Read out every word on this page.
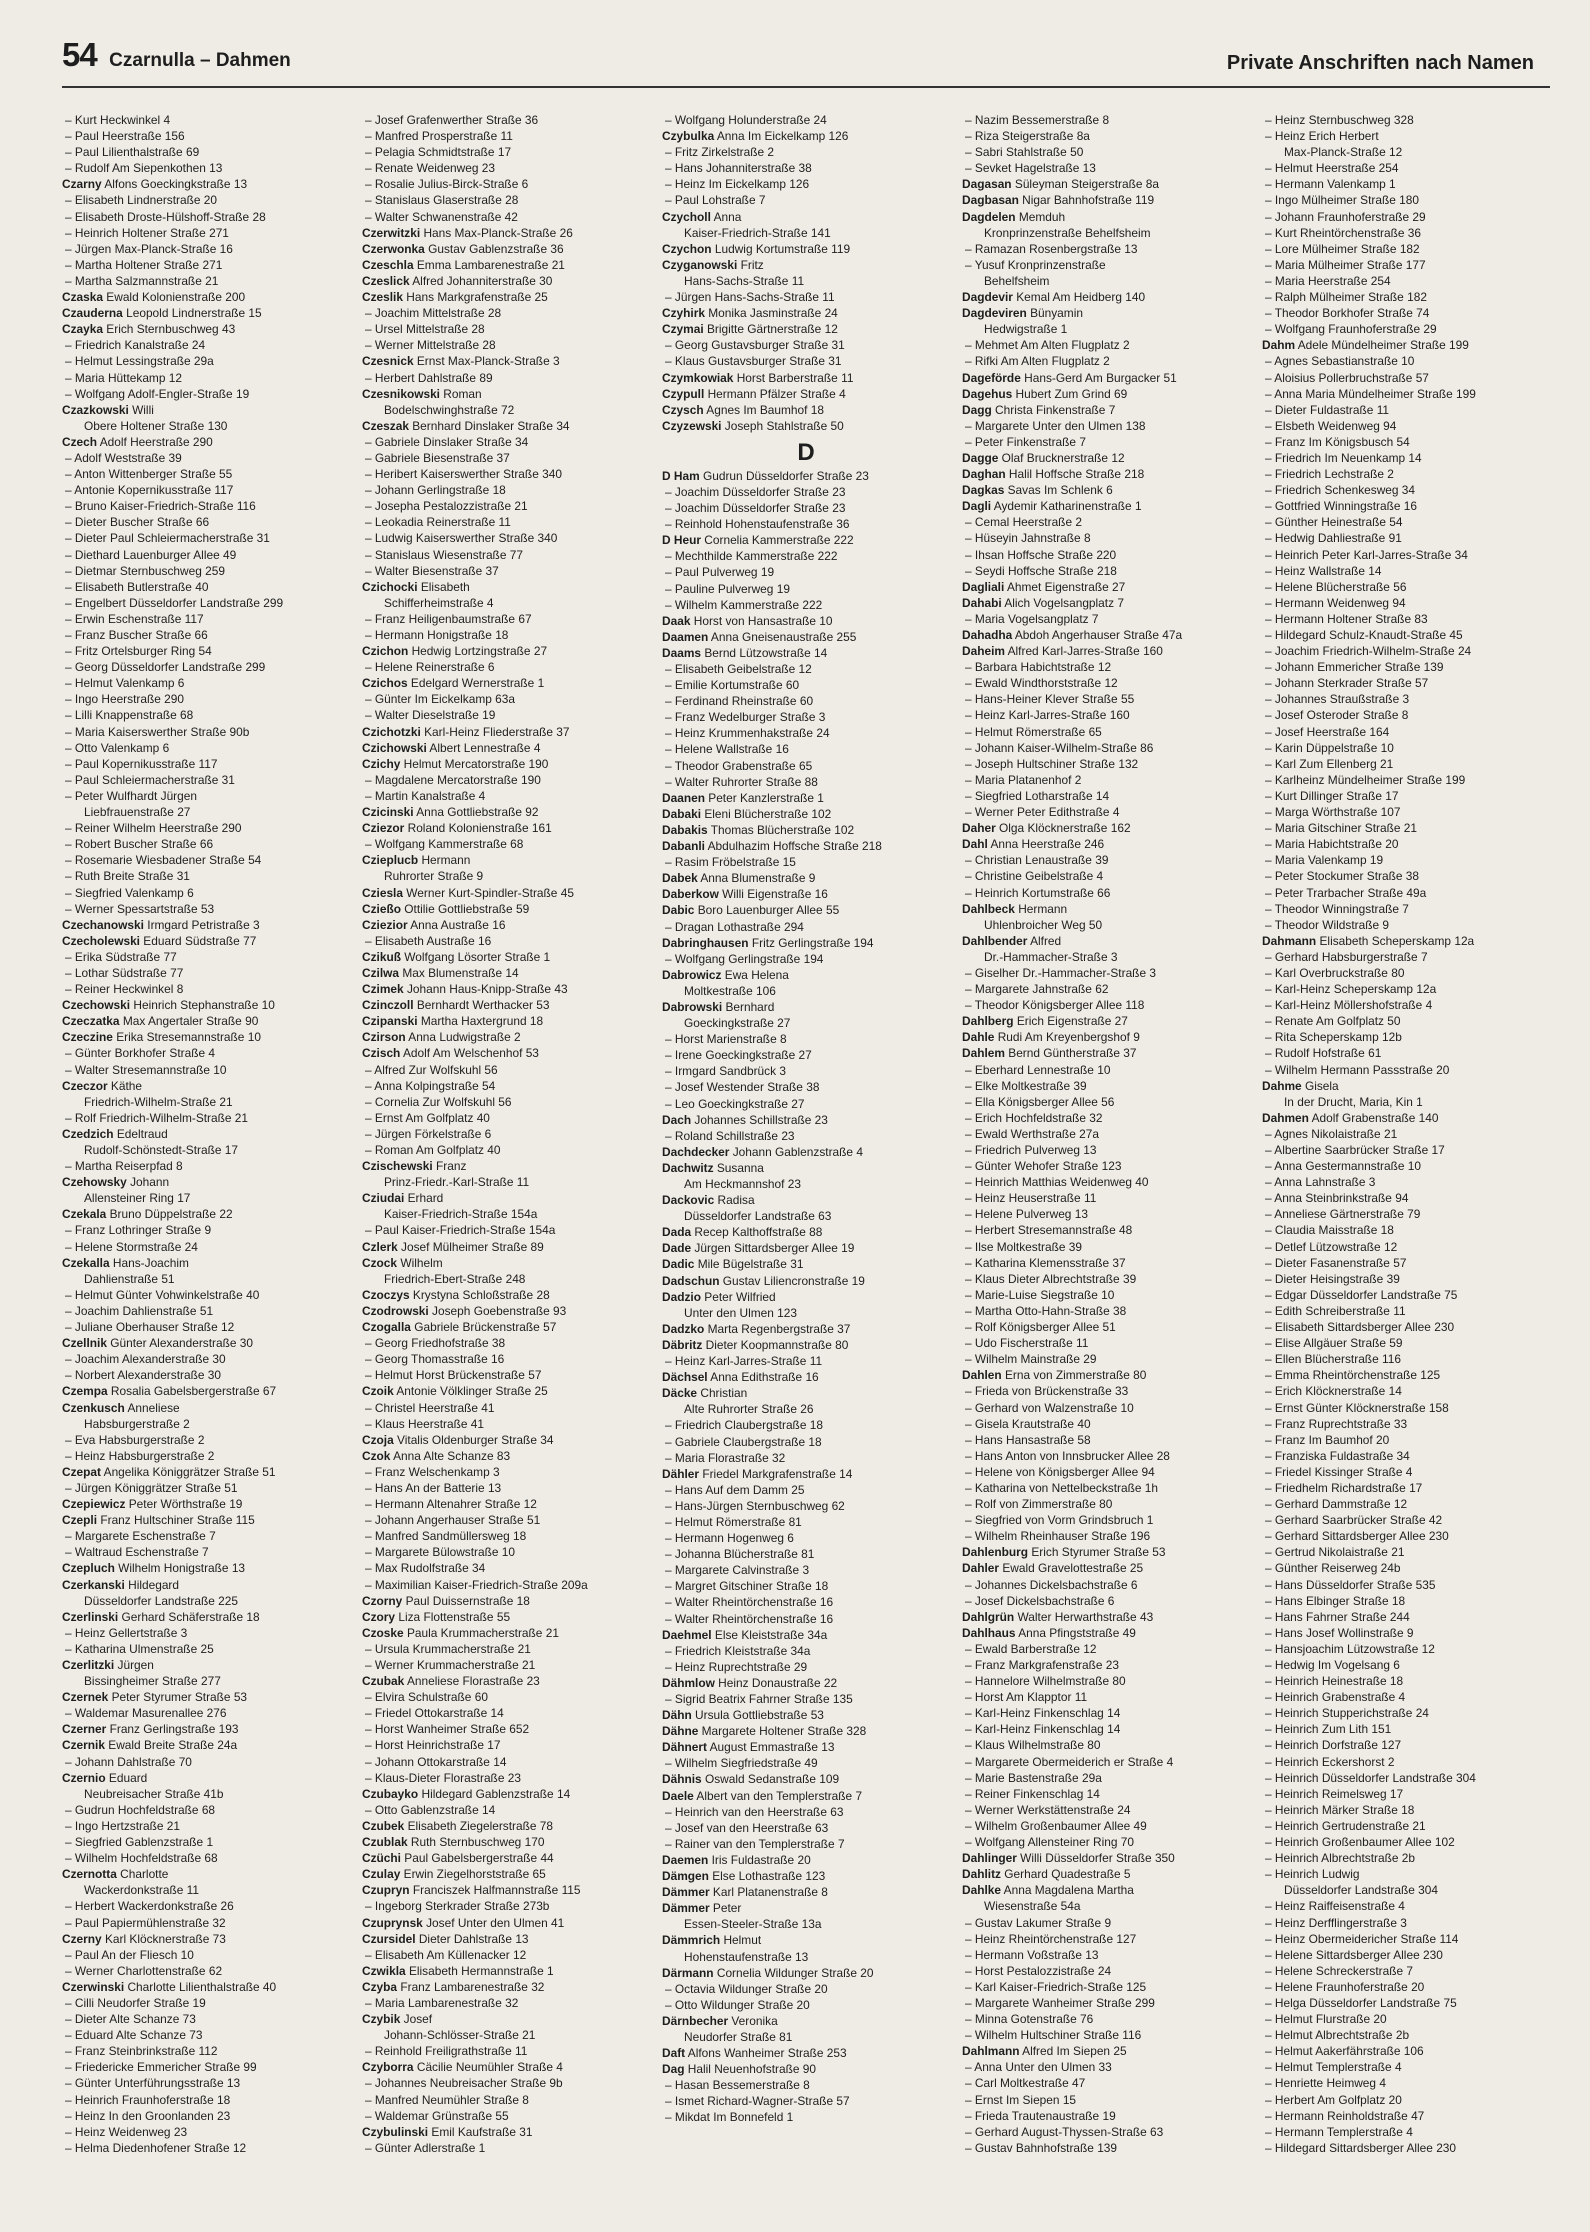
54 Czarnulla – Dahmen	Private Anschriften nach Namen
– Kurt Heckwinkel 4
– Paul Heerstraße 156
– Paul Lilienthalstraße 69
– Rudolf Am Siepenkothen 13
Czarny Alfons Goeckingkstraße 13
– Elisabeth Lindnerstraße 20
– Elisabeth Droste-Hülshoff-Straße 28
– Heinrich Holtener Straße 271
– Jürgen Max-Planck-Straße 16
– Martha Holtener Straße 271
– Martha Salzmannstraße 21
Czaska Ewald Kolonienstraße 200
Czauderna Leopold Lindnerstraße 15
Czayka Erich Sternbuschweg 43
– Friedrich Kanalstraße 24
– Helmut Lessingstraße 29a
– Maria Hüttekamp 12
– Wolfgang Adolf-Engler-Straße 19
Czazkowski Willi
Obere Holtener Straße 130
Czech Adolf Heerstraße 290
– Adolf Weststraße 39
– Anton Wittenberger Straße 55
– Antonie Kopernikusstraße 117
– Bruno Kaiser-Friedrich-Straße 116
– Dieter Buscher Straße 66
– Dieter Paul Schleiermacherstraße 31
– Diethard Lauenburger Allee 49
– Dietmar Sternbuschweg 259
– Elisabeth Butlerstraße 40
– Engelbert Düsseldorfer Landstraße 299
– Erwin Eschenstraße 117
– Franz Buscher Straße 66
– Fritz Ortelsburger Ring 54
– Georg Düsseldorfer Landstraße 299
– Helmut Valenkamp 6
– Ingo Heerstraße 290
– Lilli Knappenstraße 68
– Maria Kaiserswerther Straße 90b
– Otto Valenkamp 6
– Paul Kopernikusstraße 117
– Paul Schleiermacherstraße 31
– Peter Wulfhardt Jürgen
Liebfrauenstraße 27
– Reiner Wilhelm Heerstraße 290
– Robert Buscher Straße 66
– Rosemarie Wiesbadener Straße 54
– Ruth Breite Straße 31
– Siegfried Valenkamp 6
– Werner Spessartstraße 53
Czechanowski Irmgard Petristraße 3
Czecholewski Eduard Südstraße 77
– Erika Südstraße 77
– Lothar Südstraße 77
– Reiner Heckwinkel 8
Czechowski Heinrich Stephanstraße 10
Czeczatka Max Angertaler Straße 90
Czeczine Erika Stresemannstraße 10
– Günter Borkhofer Straße 4
– Walter Stresemannstraße 10
Czeczor Käthe
Friedrich-Wilhelm-Straße 21
– Rolf Friedrich-Wilhelm-Straße 21
Czedzich Edeltraud
Rudolf-Schönstedt-Straße 17
– Martha Reiserpfad 8
Czehowsky Johann
Allensteiner Ring 17
Czekala Bruno Düppelstraße 22
– Franz Lothringer Straße 9
– Helene Stormstraße 24
Czekalla Hans-Joachim
Dahlienstraße 51
– Helmut Günter Vohwinkelstraße 40
– Joachim Dahlienstraße 51
– Juliane Oberhauser Straße 12
Czellnik Günter Alexanderstraße 30
– Joachim Alexanderstraße 30
– Norbert Alexanderstraße 30
Czempa Rosalia Gabelsbergerstraße 67
Czenkusch Anneliese
Habsburgerstraße 2
– Eva Habsburgerstraße 2
– Heinz Habsburgerstraße 2
Czepat Angelika Königgrätzer Straße 51
– Jürgen Königgrätzer Straße 51
Czepiewicz Peter Wörthstraße 19
Czepli Franz Hultschiner Straße 115
– Margarete Eschenstraße 7
– Waltraud Eschenstraße 7
Czepluch Wilhelm Honigstraße 13
Czerkanski Hildegard
Düsseldorfer Landstraße 225
Czerlinski Gerhard Schäferstraße 18
– Heinz Gellertstraße 3
– Katharina Ulmenstraße 25
Czerlitzki Jürgen
Bissingheimer Straße 277
Czernek Peter Styrumer Straße 53
– Waldemar Masurenallee 276
Czerner Franz Gerlingstraße 193
Czernik Ewald Breite Straße 24a
– Johann Dahlstraße 70
Czernio Eduard
Neubreisacher Straße 41b
– Gudrun Hochfeldstraße 68
– Ingo Hertzstraße 21
– Siegfried Gablenzstraße 1
– Wilhelm Hochfeldstraße 68
Czernotta Charlotte
Wackerdonkstraße 11
– Herbert Wackerdonkstraße 26
– Paul Papiermühlenstraße 32
Czerny Karl Klöcknerstraße 73
– Paul An der Fliesch 10
– Werner Charlottenstraße 62
Czerwinski Charlotte Lilienthalstraße 40
– Cilli Neudorfer Straße 19
– Dieter Alte Schanze 73
– Eduard Alte Schanze 73
– Franz Steinbrinkstraße 112
– Friedericke Emmericher Straße 99
– Günter Unterführungsstraße 13
– Heinrich Fraunhoferstraße 18
– Heinz In den Groonlanden 23
– Heinz Weidenweg 23
– Helma Diedenhofener Straße 12
– Josef Grafenwerther Straße 36
– Manfred Prosperstraße 11
– Pelagia Schmidtstraße 17
– Renate Weidenweg 23
– Rosalie Julius-Birck-Straße 6
– Stanislaus Glaserstraße 28
– Walter Schwanenstraße 42
Czerwitzki Hans Max-Planck-Straße 26
Czerwonka Gustav Gablenzstraße 36
Czeschla Emma Lambarenestraße 21
Czeslick Alfred Johanniterstraße 30
Czeslik Hans Markgrafenstraße 25
– Joachim Mittelstraße 28
– Ursel Mittelstraße 28
– Werner Mittelstraße 28
Czesnick Ernst Max-Planck-Straße 3
– Herbert Dahlstraße 89
Czesnikowski Roman
Bodelschwinghstraße 72
Czeszak Bernhard Dinslaker Straße 34
– Gabriele Dinslaker Straße 34
– Gabriele Biesenstraße 37
– Heribert Kaiserswerther Straße 340
– Johann Gerlingstraße 18
– Josepha Pestalozzistraße 21
– Leokadia Reinerstraße 11
– Ludwig Kaiserswerther Straße 340
– Stanislaus Wiesenstraße 77
– Walter Biesenstraße 37
Czichocki Elisabeth
Schifferheimstraße 4
– Franz Heiligenbaumstraße 67
– Hermann Honigstraße 18
Czichon Hedwig Lortzingstraße 27
– Helene Reinerstraße 6
Czichos Edelgard Wernerstraße 1
– Günter Im Eickelkamp 63a
– Walter Dieselstraße 19
Czichotzki Karl-Heinz Fliederstraße 37
Czichowski Albert Lennestraße 4
Czichy Helmut Mercatorstraße 190
– Magdalene Mercatorstraße 190
– Martin Kanalstraße 4
Czicinski Anna Gottliebstraße 92
Cziezor Roland Kolonienstraße 161
– Wolfgang Kammerstraße 68
Czieplucb Hermann
Ruhrorter Straße 9
Czieslа Werner Kurt-Spindler-Straße 45
Czießo Ottilie Gottliebstraße 59
Cziezior Anna Austraße 16
– Elisabeth Austraße 16
Czikuß Wolfgang Lösorter Straße 1
Czilwa Max Blumenstraße 14
Czimek Johann Haus-Knipp-Straße 43
Czinczoll Bernhardt Werthacker 53
Czipanski Martha Haxtergrund 18
Czirson Anna Ludwigstraße 2
Czisch Adolf Am Welschenhof 53
– Alfred Zur Wolfskuhl 56
– Anna Kolpingstraße 54
– Cornelia Zur Wolfskuhl 56
– Ernst Am Golfplatz 40
– Jürgen Förkelstraße 6
– Roman Am Golfplatz 40
Czischewski Franz
Prinz-Friedr.-Karl-Straße 11
Cziudai Erhard
Kaiser-Friedrich-Straße 154a
– Paul Kaiser-Friedrich-Straße 154a
Czlerk Josef Mülheimer Straße 89
Czock Wilhelm
Friedrich-Ebert-Straße 248
Czoczys Krystyna Schloßstraße 28
Czodrowski Joseph Goebenstraße 93
Czogalla Gabriele Brückenstraße 57
– Georg Friedhofstraße 38
– Georg Thomasstraße 16
– Helmut Horst Brückenstraße 57
Czoik Antonie Völklinger Straße 25
– Christel Heerstraße 41
– Klaus Heerstraße 41
Czoja Vitalis Oldenburger Straße 34
Czok Anna Alte Schanze 83
– Franz Welschenkamp 3
– Hans An der Batterie 13
– Hermann Altenahrer Straße 12
– Johann Angerhauser Straße 51
– Manfred Sandmüllersweg 18
– Margarete Bülowstraße 10
– Max Rudolfstraße 34
– Maximilian Kaiser-Friedrich-Straße 209a
Czorny Paul Duissernstraße 18
Czory Liza Flottenstraße 55
Czoske Paula Krummacherstraße 21
– Ursula Krummacherstraße 21
– Werner Krummacherstraße 21
Czubak Anneliese Florastraße 23
– Elvira Schulstraße 60
– Friedel Ottokarstraße 14
– Horst Wanheimer Straße 652
– Horst Heinrichstraße 17
– Johann Ottokarstraße 14
– Klaus-Dieter Florastraße 23
Czubayko Hildegard Gablenzstraße 14
– Otto Gablenzstraße 14
Czubek Elisabeth Ziegelerstraße 78
Czublak Ruth Sternbuschweg 170
Czüchi Paul Gabelsbergerstraße 44
Czulay Erwin Ziegelhorststraße 65
Czupryn Franciszek Halfmannstraße 115
– Ingeborg Sterkrader Straße 273b
Czuprynsk Josef Unter den Ulmen 41
Czursidel Dieter Dahlstraße 13
– Elisabeth Am Küllenacker 12
Czwikla Elisabeth Hermannstraße 1
Czyba Franz Lambarenestraße 32
– Maria Lambarenestraße 32
Czybik Josef
Johann-Schlösser-Straße 21
– Reinhold Freiligrathstraße 11
Czyborra Cäcilie Neumühler Straße 4
– Johannes Neubreisacher Straße 9b
– Manfred Neumühler Straße 8
– Waldemar Grünstraße 55
Czybulinski Emil Kaufstraße 31
– Günter Adlerstraße 1
– Wolfgang Holunderstraße 24
Czybulka Anna Im Eickelkamp 126
– Fritz Zirkelstraße 2
– Hans Johanniterstraße 38
– Heinz Im Eickelkamp 126
– Paul Lohstraße 7
Czycholl Anna
Kaiser-Friedrich-Straße 141
Czychon Ludwig Kortumstraße 119
Czyganowski Fritz
Hans-Sachs-Straße 11
– Jürgen Hans-Sachs-Straße 11
Czyhirk Monika Jasminstraße 24
Czymai Brigitte Gärtnerstraße 12
– Georg Gustavsburger Straße 31
– Klaus Gustavsburger Straße 31
Czymkowiak Horst Barberstraße 11
Czypull Hermann Pfälzer Straße 4
Czysch Agnes Im Baumhof 18
Czyzewski Joseph Stahlstraße 50
D
D Ham Gudrun Düsseldorfer Straße 23
– Joachim Düsseldorfer Straße 23
– Joachim Düsseldorfer Straße 23
– Reinhold Hohenstaufenstraße 36
D Heur Cornelia Kammerstraße 222
– Mechthilde Kammerstraße 222
– Paul Pulverweg 19
– Pauline Pulverweg 19
– Wilhelm Kammerstraße 222
Daak Horst von Hansastraße 10
Daamen Anna Gneisenaustraße 255
Daams Bernd Lützowstraße 14
– Elisabeth Geibelstraße 12
– Emilie Kortumstraße 60
– Ferdinand Rheinstraße 60
– Franz Wedelburger Straße 3
– Heinz Krummenhakstraße 24
– Helene Wallstraße 16
– Theodor Grabenstraße 65
– Walter Ruhrorter Straße 88
Daanen Peter Kanzlerstraße 1
Dabaki Eleni Blücherstraße 102
Dabakis Thomas Blücherstraße 102
Dabanli Abdulhazim Hoffsche Straße 218
– Rasim Fröbelstraße 15
Dabek Anna Blumenstraße 9
Daberkow Willi Eigenstraße 16
Dabic Boro Lauenburger Allee 55
– Dragan Lothastraße 294
Dabringhausen Fritz Gerlingstraße 194
– Wolfgang Gerlingstraße 194
Dabrowicz Ewa Helena
Moltkestraße 106
Dabrowski Bernhard
Goeckingkstraße 27
– Horst Marienstraße 8
– Irene Goeckingkstraße 27
– Irmgard Sandbrück 3
– Josef Westender Straße 38
– Leo Goeckingkstraße 27
Dach Johannes Schillstraße 23
– Roland Schillstraße 23
Dachdecker Johann Gablenzstraße 4
Dachwitz Susanna
Am Heckmannshof 23
Dackovic Radisa
Düsseldorfer Landstraße 63
Dada Recep Kalthoffstraße 88
Dade Jürgen Sittardsberger Allee 19
Dadic Mile Bügelstraße 31
Dadschun Gustav Liliencronstraße 19
Dadzio Peter Wilfried
Unter den Ulmen 123
Dadzko Marta Regenbergstraße 37
Däbritz Dieter Koopmannstraße 80
– Heinz Karl-Jarres-Straße 11
Dächsel Anna Edithstraße 16
Däcke Christian
Alte Ruhrorter Straße 26
– Friedrich Claubergstraße 18
– Gabriele Claubergstraße 18
– Maria Florastraße 32
Dähler Friedel Markgrafenstraße 14
– Hans Auf dem Damm 25
– Hans-Jürgen Sternbuschweg 62
– Helmut Römerstraße 81
– Hermann Hogenweg 6
– Johanna Blücherstraße 81
– Margarete Calvinstraße 3
– Margret Gitschiner Straße 18
– Walter Rheintörchenstraße 16
– Walter Rheintörchenstraße 16
Daehmel Else Kleiststraße 34a
– Friedrich Kleiststraße 34a
– Heinz Ruprechtstraße 29
Dähmlow Heinz Donaustraße 22
– Sigrid Beatrix Fahrner Straße 135
Dähn Ursula Gottliebstraße 53
Dähne Margarete Holtener Straße 328
Dähnert August Emmastraße 13
– Wilhelm Siegfriedstraße 49
Dähnis Oswald Sedanstraße 109
Daele Albert van den Templerstraße 7
– Heinrich van den Heerstraße 63
– Josef van den Heerstraße 63
– Rainer van den Templerstraße 7
Daemen Iris Fuldastraße 20
Dämgen Else Lothastraße 123
Dämmer Karl Platanenstraße 8
Dämmer Peter
Essen-Steeler-Straße 13a
Dämmrich Helmut
Hohenstaufenstraße 13
Därmann Cornelia Wildunger Straße 20
– Octavia Wildunger Straße 20
– Otto Wildunger Straße 20
Därnbecher Veronika
Neudorfer Straße 81
Daft Alfons Wanheimer Straße 253
Dag Halil Neuenhofstraße 90
– Hasan Bessemerstraße 8
– Ismet Richard-Wagner-Straße 57
– Mikdat Im Bonnefeld 1
– Nazim Bessemerstraße 8
– Riza Steigerstraße 8a
– Sabri Stahlstraße 50
– Sevket Hagelstraße 13
Dagasan Süleyman Steigerstraße 8a
Dagbasan Nigar Bahnhofstraße 119
Dagdelen Memduh
Kronprinzenstraße Behelfsheim
– Ramazan Rosenbergstraße 13
– Yusuf Kronprinzenstraße
Behelfsheim
Dagdevir Kemal Am Heidberg 140
Dagdeviren Bünyamin
Hedwigstraße 1
– Mehmet Am Alten Flugplatz 2
– Rifki Am Alten Flugplatz 2
Dageförde Hans-Gerd Am Burgacker 51
Dagehus Hubert Zum Grind 69
Dagg Christa Finkenstraße 7
– Margarete Unter den Ulmen 138
– Peter Finkenstraße 7
Dagge Olaf Brucknerstraße 12
Daghan Halil Hoffsche Straße 218
Dagkas Savas Im Schlenk 6
Dagli Aydemir Katharinenstraße 1
– Cemal Heerstraße 2
– Hüseyin Jahnstraße 8
– Ihsan Hoffsche Straße 220
– Seydi Hoffsche Straße 218
Dagliali Ahmet Eigenstraße 27
Dahabi Alich Vogelsangplatz 7
– Maria Vogelsangplatz 7
Dahadha Abdoh Angerhauser Straße 47a
Daheim Alfred Karl-Jarres-Straße 160
– Barbara Habichtstraße 12
– Ewald Windthorststraße 12
– Hans-Heiner Klever Straße 55
– Heinz Karl-Jarres-Straße 160
– Helmut Römerstraße 65
– Johann Kaiser-Wilhelm-Straße 86
– Joseph Hultschiner Straße 132
– Maria Platanenhof 2
– Siegfried Lotharstraße 14
– Werner Peter Edithstraße 4
Daher Olga Klöcknerstraße 162
Dahl Anna Heerstraße 246
– Christian Lenaustraße 39
– Christine Geibelstraße 4
– Heinrich Kortumstraße 66
Dahlbeck Hermann
Uhlenbroicher Weg 50
Dahlbender Alfred
Dr.-Hammacher-Straße 3
– Giselher Dr.-Hammacher-Straße 3
– Margarete Jahnstraße 62
– Theodor Königsberger Allee 118
Dahlberg Erich Eigenstraße 27
Dahle Rudi Am Kreyenbergshof 9
Dahlem Bernd Güntherstraße 37
– Eberhard Lennestraße 10
– Elke Moltkestraße 39
– Ella Königsberger Allee 56
– Erich Hochfeldstraße 32
– Ewald Werthstraße 27a
– Friedrich Pulverweg 13
– Günter Wehofer Straße 123
– Heinrich Matthias Weidenweg 40
– Heinz Heuserstraße 11
– Helene Pulverweg 13
– Herbert Stresemannstraße 48
– Ilse Moltkestraße 39
– Katharina Klemensstraße 37
– Klaus Dieter Albrechtstraße 39
– Marie-Luise Siegstraße 10
– Martha Otto-Hahn-Straße 38
– Rolf Königsberger Allee 51
– Udo Fischerstraße 11
– Wilhelm Mainstraße 29
Dahlen Erna von Zimmerstraße 80
– Frieda von Brückenstraße 33
– Gerhard von Walzenstraße 10
– Gisela Krautstraße 40
– Hans Hansastraße 58
– Hans Anton von Innsbrucker Allee 28
– Helene von Königsberger Allee 94
– Katharina von Nettelbeckstraße 1h
– Rolf von Zimmerstraße 80
– Siegfried von Vorm Grindsbruch 1
– Wilhelm Rheinhauser Straße 196
Dahlenburg Erich Styrumer Straße 53
Dahler Ewald Gravelottestraße 25
– Johannes Dickelsbachstraße 6
– Josef Dickelsbachstraße 6
Dahlgrün Walter Herwarthstraße 43
Dahlhaus Anna Pfingststraße 49
– Ewald Barberstraße 12
– Franz Markgrafenstraße 23
– Hannelore Wilhelmstraße 80
– Horst Am Klapptor 11
– Karl-Heinz Finkenschlag 14
– Karl-Heinz Finkenschlag 14
– Klaus Wilhelmstraße 80
– Margarete Obermeiderich er Straße 4
– Marie Bastenstraße 29a
– Reiner Finkenschlag 14
– Werner Werkstättenstraße 24
– Wilhelm Großenbaumer Allee 49
– Wolfgang Allensteiner Ring 70
Dahlinger Willi Düsseldorfer Straße 350
Dahlitz Gerhard Quadestraße 5
Dahlke Anna Magdalena Martha
Wiesenstraße 54a
– Gustav Lakumer Straße 9
– Heinz Rheintörchenstraße 127
– Hermann Voßstraße 13
– Horst Pestalozzistraße 24
– Karl Kaiser-Friedrich-Straße 125
– Margarete Wanheimer Straße 299
– Minna Gotenstraße 76
– Wilhelm Hultschiner Straße 116
Dahlmann Alfred Im Siepen 25
– Anna Unter den Ulmen 33
– Carl Moltkestraße 47
– Ernst Im Siepen 15
– Frieda Trautenaustraße 19
– Gerhard August-Thyssen-Straße 63
– Gustav Bahnhofstraße 139
– Heinz Sternbuschweg 328
– Heinz Erich Herbert
Max-Planck-Straße 12
– Helmut Heerstraße 254
– Hermann Valenkamp 1
– Ingo Mülheimer Straße 180
– Johann Fraunhoferstraße 29
– Kurt Rheintörchenstraße 36
– Lore Mülheimer Straße 182
– Maria Mülheimer Straße 177
– Maria Heerstraße 254
– Ralph Mülheimer Straße 182
– Theodor Borkhofer Straße 74
– Wolfgang Fraunhoferstraße 29
Dahm Adele Mündelheimer Straße 199
– Agnes Sebastianstraße 10
– Aloisius Pollerbruchstraße 57
– Anna Maria Mündelheimer Straße 199
– Dieter Fuldastraße 11
– Elsbeth Weidenweg 94
– Franz Im Königsbusch 54
– Friedrich Im Neuenkamp 14
– Friedrich Lechstraße 2
– Friedrich Schenkesweg 34
– Gottfried Winningstraße 16
– Günther Heinestraße 54
– Hedwig Dahliestraße 91
– Heinrich Peter Karl-Jarres-Straße 34
– Heinz Wallstraße 14
– Helene Blücherstraße 56
– Hermann Weidenweg 94
– Hermann Holtener Straße 83
– Hildegard Schulz-Knaudt-Straße 45
– Joachim Friedrich-Wilhelm-Straße 24
– Johann Emmericher Straße 139
– Johann Sterkrader Straße 57
– Johannes Straußstraße 3
– Josef Osteroder Straße 8
– Josef Heerstraße 164
– Karin Düppelstraße 10
– Karl Zum Ellenberg 21
– Karlheinz Mündelheimer Straße 199
– Kurt Dillinger Straße 17
– Marga Wörthstraße 107
– Maria Gitschiner Straße 21
– Maria Habichtstraße 20
– Maria Valenkamp 19
– Peter Stockumer Straße 38
– Peter Trarbacher Straße 49a
– Theodor Winningstraße 7
– Theodor Wildstraße 9
Dahmann Elisabeth Scheperskamp 12a
– Gerhard Habsburgerstraße 7
– Karl Overbruckstraße 80
– Karl-Heinz Scheperskamp 12a
– Karl-Heinz Möllershofstraße 4
– Renate Am Golfplatz 50
– Rita Scheperskamp 12b
– Rudolf Hofstraße 61
– Wilhelm Hermann Passstraße 20
Dahme Gisela
In der Drucht, Maria, Kin 1
Dahmen Adolf Grabenstraße 140
– Agnes Nikolaistraße 21
– Albertine Saarbrücker Straße 17
– Anna Gestermannstraße 10
– Anna Lahnstraße 3
– Anna Steinbrinkstraße 94
– Anneliese Gärtnerstraße 79
– Claudia Maisstraße 18
– Detlef Lützowstraße 12
– Dieter Fasanenstraße 57
– Dieter Heisingstraße 39
– Edgar Düsseldorfer Landstraße 75
– Edith Schreiberstraße 11
– Elisabeth Sittardsberger Allee 230
– Elise Allgäuer Straße 59
– Ellen Blücherstraße 116
– Emma Rheintörchenstraße 125
– Erich Klöcknerstraße 14
– Ernst Günter Klöcknerstraße 158
– Franz Ruprechtstraße 33
– Franz Im Baumhof 20
– Franziska Fuldastraße 34
– Friedel Kissinger Straße 4
– Friedhelm Richardstraße 17
– Gerhard Dammstraße 12
– Gerhard Saarbrücker Straße 42
– Gerhard Sittardsberger Allee 230
– Gertrud Nikolaistraße 21
– Günther Reiserweg 24b
– Hans Düsseldorfer Straße 535
– Hans Elbinger Straße 18
– Hans Fahrner Straße 244
– Hans Josef Wollinstraße 9
– Hansjoachim Lützowstraße 12
– Hedwig Im Vogelsang 6
– Heinrich Heinestraße 18
– Heinrich Grabenstraße 4
– Heinrich Stupperichstraße 24
– Heinrich Zum Lith 151
– Heinrich Dorfstraße 127
– Heinrich Eckershorst 2
– Heinrich Düsseldorfer Landstraße 304
– Heinrich Reimelsweg 17
– Heinrich Märker Straße 18
– Heinrich Gertrudenstraße 21
– Heinrich Großenbaumer Allee 102
– Heinrich Albrechtstraße 2b
– Heinrich Ludwig
Düsseldorfer Landstraße 304
– Heinz Raiffeisenstraße 4
– Heinz Derfflingerstraße 3
– Heinz Obermeidericher Straße 114
– Helene Sittardsberger Allee 230
– Helene Schreckerstraße 7
– Helene Fraunhoferstraße 20
– Helga Düsseldorfer Landstraße 75
– Helmut Flurstraße 20
– Helmut Albrechtstraße 2b
– Helmut Aakerfährstraße 106
– Helmut Templerstraße 4
– Henriette Heimweg 4
– Herbert Am Golfplatz 20
– Hermann Reinholdstraße 47
– Hermann Templerstraße 4
– Hildegard Sittardsberger Allee 230
